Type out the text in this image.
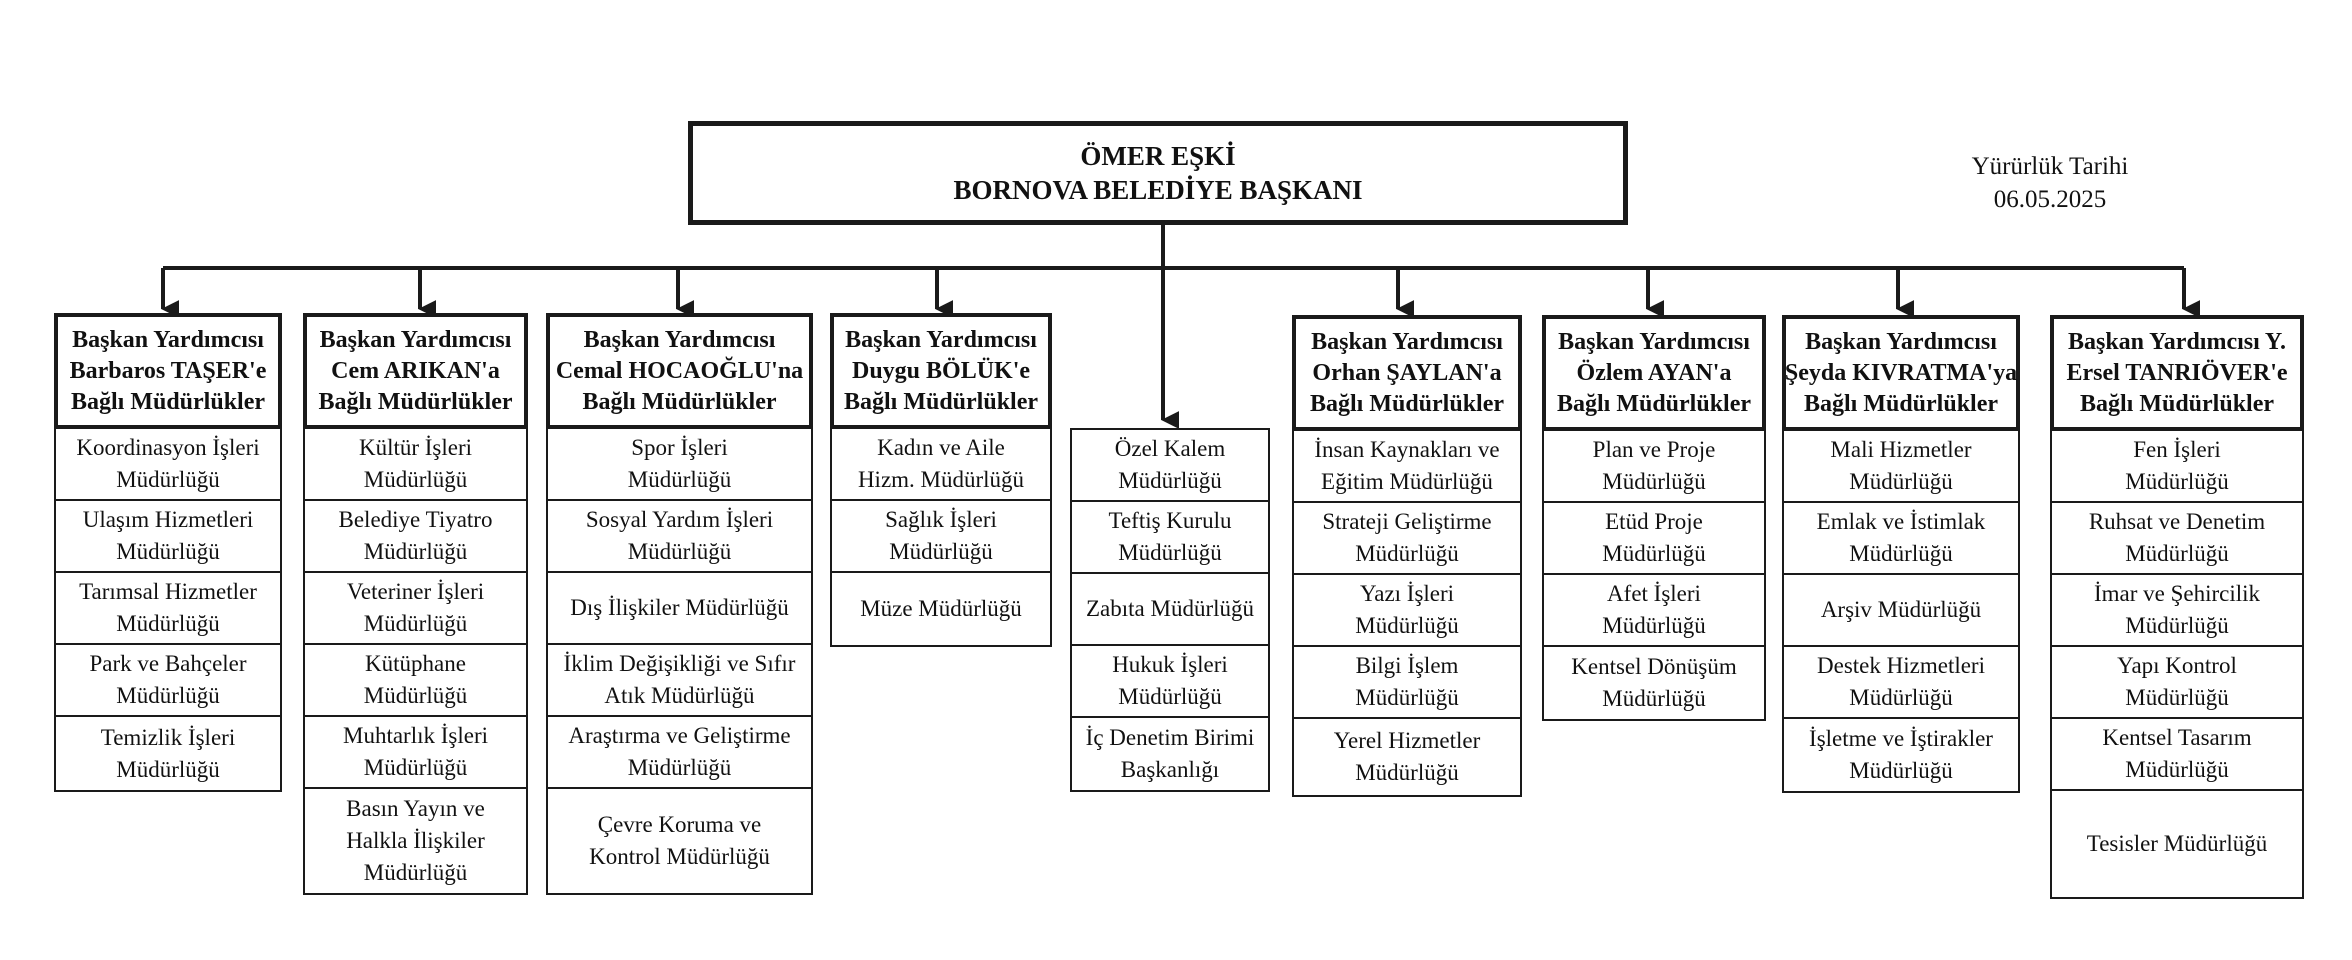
ÖMER EŞKİ
BORNOVA BELEDİYE BAŞKANI
Yürürlük Tarihi
06.05.2025
Başkan Yardımcısı
Barbaros TAŞER'e
Bağlı Müdürlükler
Koordinasyon İşleri
Müdürlüğü
Ulaşım Hizmetleri
Müdürlüğü
Tarımsal Hizmetler
Müdürlüğü
Park ve Bahçeler
Müdürlüğü
Temizlik İşleri
Müdürlüğü
Başkan Yardımcısı
Cem ARIKAN'a
Bağlı Müdürlükler
Kültür İşleri
Müdürlüğü
Belediye Tiyatro
Müdürlüğü
Veteriner İşleri
Müdürlüğü
Kütüphane
Müdürlüğü
Muhtarlık İşleri
Müdürlüğü
Basın Yayın ve
Halkla İlişkiler
Müdürlüğü
Başkan Yardımcısı
Cemal HOCAOĞLU'na
Bağlı Müdürlükler
Spor İşleri
Müdürlüğü
Sosyal Yardım İşleri
Müdürlüğü
Dış İlişkiler Müdürlüğü
İklim Değişikliği ve Sıfır
Atık Müdürlüğü
Araştırma ve Geliştirme
Müdürlüğü
Çevre Koruma ve
Kontrol Müdürlüğü
Başkan Yardımcısı
Duygu BÖLÜK'e
Bağlı Müdürlükler
Kadın ve Aile
Hizm. Müdürlüğü
Sağlık İşleri
Müdürlüğü
Müze Müdürlüğü
Özel Kalem
Müdürlüğü
Teftiş Kurulu
Müdürlüğü
Zabıta Müdürlüğü
Hukuk İşleri
Müdürlüğü
İç Denetim Birimi
Başkanlığı
Başkan Yardımcısı
Orhan ŞAYLAN'a
Bağlı Müdürlükler
İnsan Kaynakları ve
Eğitim Müdürlüğü
Strateji Geliştirme
Müdürlüğü
Yazı İşleri
Müdürlüğü
Bilgi İşlem
Müdürlüğü
Yerel Hizmetler
Müdürlüğü
Başkan Yardımcısı
Özlem AYAN'a
Bağlı Müdürlükler
Plan ve Proje
Müdürlüğü
Etüd Proje
Müdürlüğü
Afet İşleri
Müdürlüğü
Kentsel Dönüşüm
Müdürlüğü
Başkan Yardımcısı
Şeyda KIVRATMA'ya
Bağlı Müdürlükler
Mali Hizmetler
Müdürlüğü
Emlak ve İstimlak
Müdürlüğü
Arşiv Müdürlüğü
Destek Hizmetleri
Müdürlüğü
İşletme ve İştirakler
Müdürlüğü
Başkan Yardımcısı Y.
Ersel TANRIÖVER'e
Bağlı Müdürlükler
Fen İşleri
Müdürlüğü
Ruhsat ve Denetim
Müdürlüğü
İmar ve Şehircilik
Müdürlüğü
Yapı Kontrol
Müdürlüğü
Kentsel Tasarım
Müdürlüğü
Tesisler Müdürlüğü
